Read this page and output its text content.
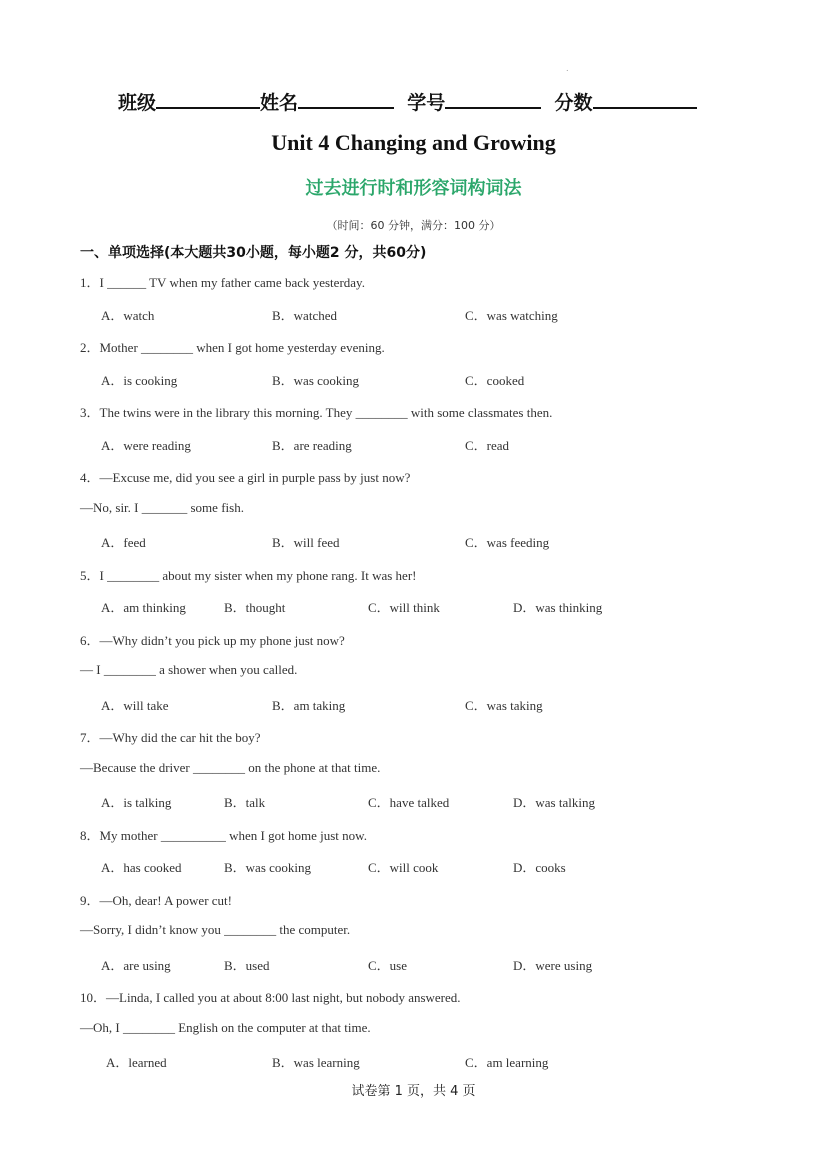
.
班级	姓名	学号	分数
Unit 4 Changing and Growing
过去进行时和形容词构词法
（时间：60 分钟，满分：100 分）
一、单项选择(本大题共30小题，每小题2 分，共60分)
1．I ______ TV when my father came back yesterday.
A．watch	B．watched	C．was watching
2．Mother ________ when I got home yesterday evening.
A．is cooking	B．was cooking	C．cooked
3．The twins were in the library this morning. They ________ with some classmates then.
A．were reading	B．are reading	C．read
4．—Excuse me, did you see a girl in purple pass by just now?
—No, sir. I _______ some fish.
A．feed	B．will feed	C．was feeding
5．I ________ about my sister when my phone rang. It was her!
A．am thinking	B．thought	C．will think	D．was thinking
6．—Why didn’t you pick up my phone just now?
— I ________ a shower when you called.
A．will take	B．am taking	C．was taking
7．—Why did the car hit the boy?
—Because the driver ________ on the phone at that time.
A．is talking	B．talk	C．have talked	D．was talking
8．My mother __________ when I got home just now.
A．has cooked	B．was cooking	C．will cook	D．cooks
9．—Oh, dear! A power cut!
—Sorry, I didn’t know you ________ the computer.
A．are using	B．used	C．use	D．were using
10．—Linda, I called you at about 8:00 last night, but nobody answered.
—Oh, I ________ English on the computer at that time.
A．learned	B．was learning	C．am learning
试卷第 1 页，共 4 页
